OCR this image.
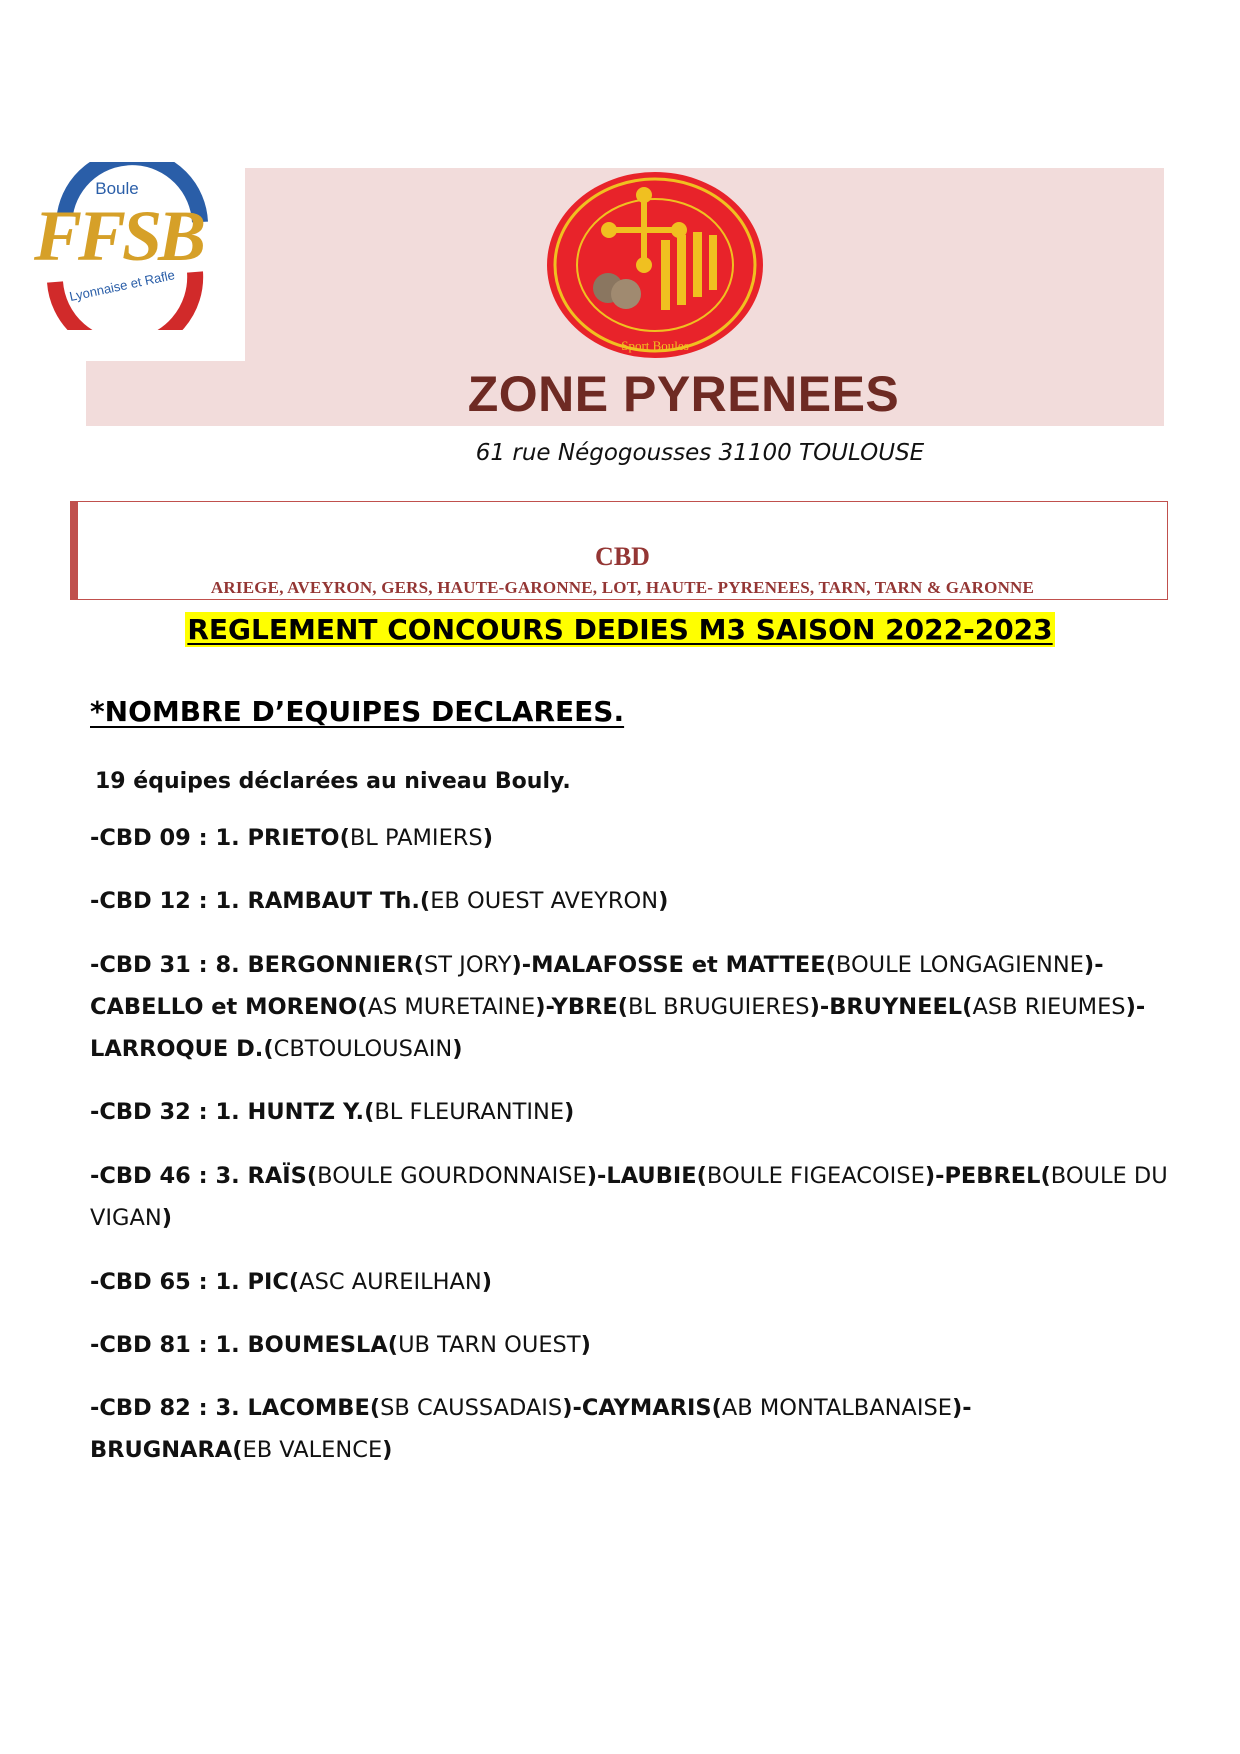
Boule
FFSB
Lyonnaise et Rafle
Sport Boules
ZONE PYRENEES
61 rue Négogousses 31100 TOULOUSE
CBD
ARIEGE, AVEYRON, GERS, HAUTE-GARONNE, LOT, HAUTE- PYRENEES, TARN, TARN & GARONNE
REGLEMENT CONCOURS DEDIES M3 SAISON 2022-2023
*NOMBRE D’EQUIPES DECLAREES.
19 équipes déclarées au niveau Bouly.
-CBD 09 : 1. PRIETO(BL PAMIERS)
-CBD 12 : 1. RAMBAUT Th.(EB OUEST AVEYRON)
-CBD 31 : 8. BERGONNIER(ST JORY)-MALAFOSSE et MATTEE(BOULE LONGAGIENNE)-
CABELLO et MORENO(AS MURETAINE)-YBRE(BL BRUGUIERES)-BRUYNEEL(ASB RIEUMES)-
LARROQUE D.(CBTOULOUSAIN)
-CBD 32 : 1. HUNTZ Y.(BL FLEURANTINE)
-CBD 46 : 3. RAÏS(BOULE GOURDONNAISE)-LAUBIE(BOULE FIGEACOISE)-PEBREL(BOULE DU VIGAN)
-CBD 65 : 1. PIC(ASC AUREILHAN)
-CBD 81 : 1. BOUMESLA(UB TARN OUEST)
-CBD 82 : 3. LACOMBE(SB CAUSSADAIS)-CAYMARIS(AB MONTALBANAISE)-
BRUGNARA(EB VALENCE)
